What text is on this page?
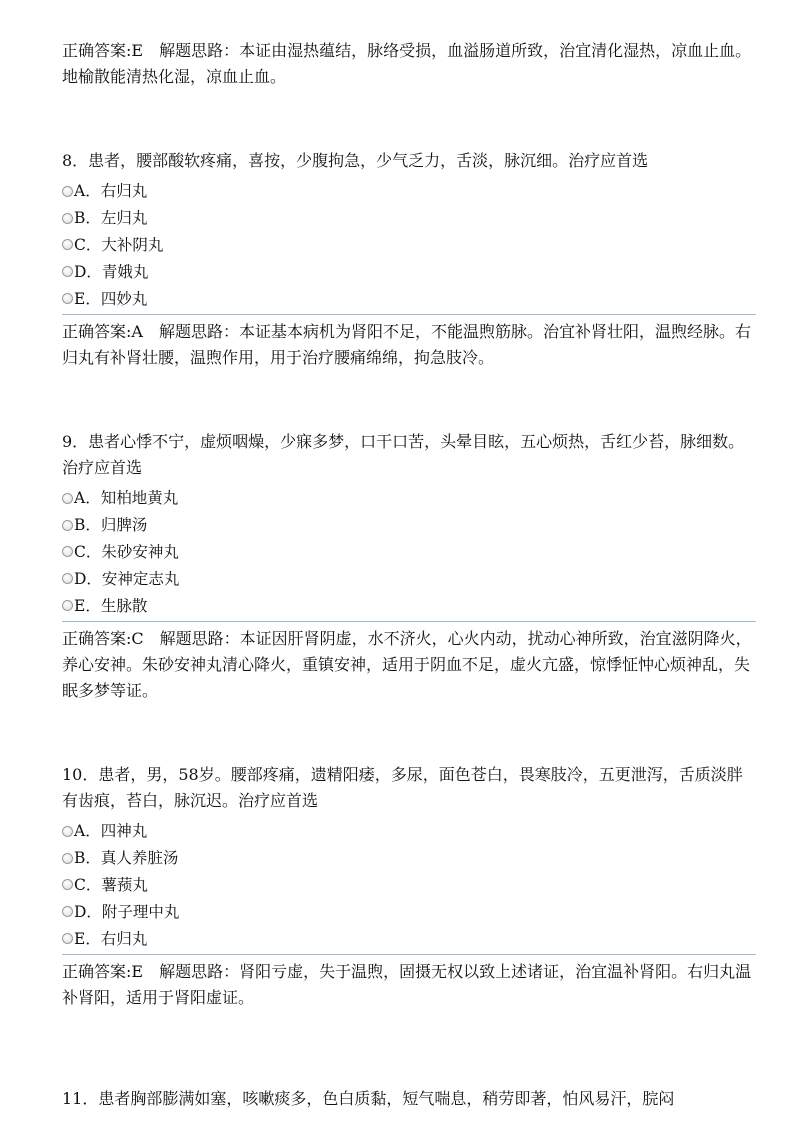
正确答案:E　解题思路：本证由湿热蕴结，脉络受损，血溢肠道所致，治宜清化湿热，凉血止血。地榆散能清热化湿，凉血止血。

8．患者，腰部酸软疼痛，喜按，少腹拘急，少气乏力，舌淡，脉沉细。治疗应首选

A．右归丸
B．左归丸
C．大补阴丸
D．青娥丸
E．四妙丸

正确答案:A　解题思路：本证基本病机为肾阳不足，不能温煦筋脉。治宜补肾壮阳，温煦经脉。右归丸有补肾壮腰，温煦作用，用于治疗腰痛绵绵，拘急肢冷。

9．患者心悸不宁，虚烦咽燥，少寐多梦，口干口苦，头晕目眩，五心烦热，舌红少苔，脉细数。治疗应首选

A．知柏地黄丸
B．归脾汤
C．朱砂安神丸
D．安神定志丸
E．生脉散

正确答案:C　解题思路：本证因肝肾阴虚，水不济火，心火内动，扰动心神所致，治宜滋阴降火，养心安神。朱砂安神丸清心降火，重镇安神，适用于阴血不足，虚火亢盛，惊悸怔忡心烦神乱，失眠多梦等证。

10．患者，男，58岁。腰部疼痛，遗精阳痿，多尿，面色苍白，畏寒肢冷，五更泄泻，舌质淡胖有齿痕，苔白，脉沉迟。治疗应首选

A．四神丸
B．真人养脏汤
C．薯蓣丸
D．附子理中丸
E．右归丸

正确答案:E　解题思路：肾阳亏虚，失于温煦，固摄无权以致上述诸证，治宜温补肾阳。右归丸温补肾阳，适用于肾阳虚证。

11．患者胸部膨满如塞，咳嗽痰多，色白质黏，短气喘息，稍劳即著，怕风易汗，脘闷
